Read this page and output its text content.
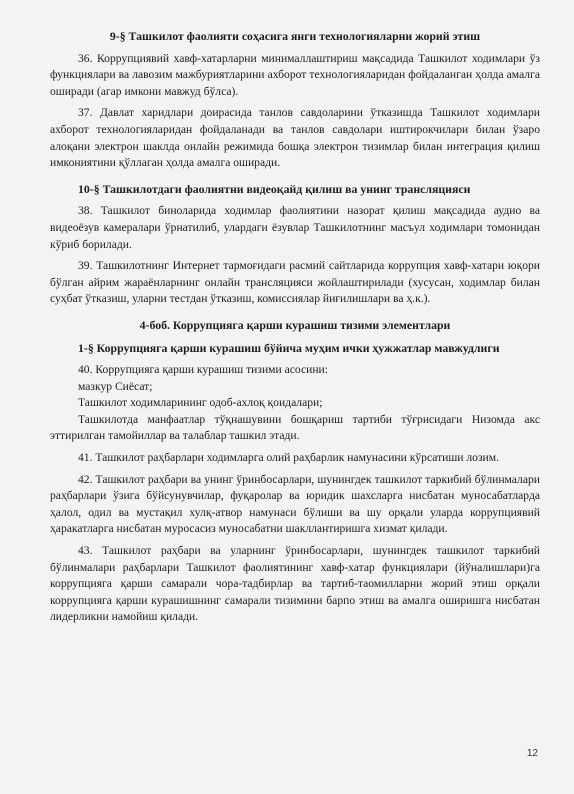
9-§ Ташкилот фаолияти соҳасига янги технологияларни жорий этиш

36. Коррупциявий хавф-хатарларни минималлаштириш мақсадида Ташкилот ходимлари ўз функциялари ва лавозим мажбуриятларини ахборот технологияларидан фойдаланган ҳолда амалга оширади (агар имкони мавжуд бўлса).

37. Давлат харидлари доирасида танлов савдоларини ўтказишда Ташкилот ходимлари ахборот технологияларидан фойдаланади ва танлов савдолари иштирокчилари билан ўзаро алоқани электрон шаклда онлайн режимида бошқа электрон тизимлар билан интеграция қилиш имкониятини қўллаган ҳолда амалга оширади.

10-§ Ташкилотдаги фаолиятни видеоқайд қилиш ва унинг трансляцияси

38. Ташкилот биноларида ходимлар фаолиятини назорат қилиш мақсадида аудио ва видеоёзув камералари ўрнатилиб, улардаги ёзувлар Ташкилотнинг масъул ходимлари томонидан кўриб борилади.

39. Ташкилотнинг Интернет тармоғидаги расмий сайтларида коррупция хавф-хатари юқори бўлган айрим жараёнларнинг онлайн трансляцияси жойлаштирилади (хусусан, ходимлар билан суҳбат ўтказиш, уларни тестдан ўтказиш, комиссиялар йиғилишлари ва ҳ.к.).

4-боб. Коррупцияга қарши курашиш тизими элементлари

1-§ Коррупцияга қарши курашиш бўйича муҳим ички ҳужжатлар мавжудлиги

40. Коррупцияга қарши курашиш тизими асосини:

мазкур Сиёсат;

Ташкилот ходимларининг одоб-ахлоқ қоидалари;

Ташкилотда манфаатлар тўқнашувини бошқариш тартиби тўғрисидаги Низомда акс эттирилган тамойиллар ва талаблар ташкил этади.

41. Ташкилот раҳбарлари ходимларга олий раҳбарлик намунасини кўрсатиши лозим.

42. Ташкилот раҳбари ва унинг ўринбосарлари, шунингдек ташкилот таркибий бўлинмалари раҳбарлари ўзига бўйсунувчилар, фуқаролар ва юридик шахсларга нисбатан муносабатларда ҳалол, одил ва мустақил хулқ-атвор намунаси бўлиши ва шу орқали уларда коррупциявий ҳаракатларга нисбатан муросасиз муносабатни шакллантиришга хизмат қилади.

43. Ташкилот раҳбари ва уларнинг ўринбосарлари, шунингдек ташкилот таркибий бўлинмалари раҳбарлари Ташкилот фаолиятининг хавф-хатар функциялари (йўналишлари)га коррупцияга қарши самарали чора-тадбирлар ва тартиб-таомилларни жорий этиш орқали коррупцияга қарши курашишнинг самарали тизимини барпо этиш ва амалга оширишга нисбатан лидерликни намойиш қилади.

12
